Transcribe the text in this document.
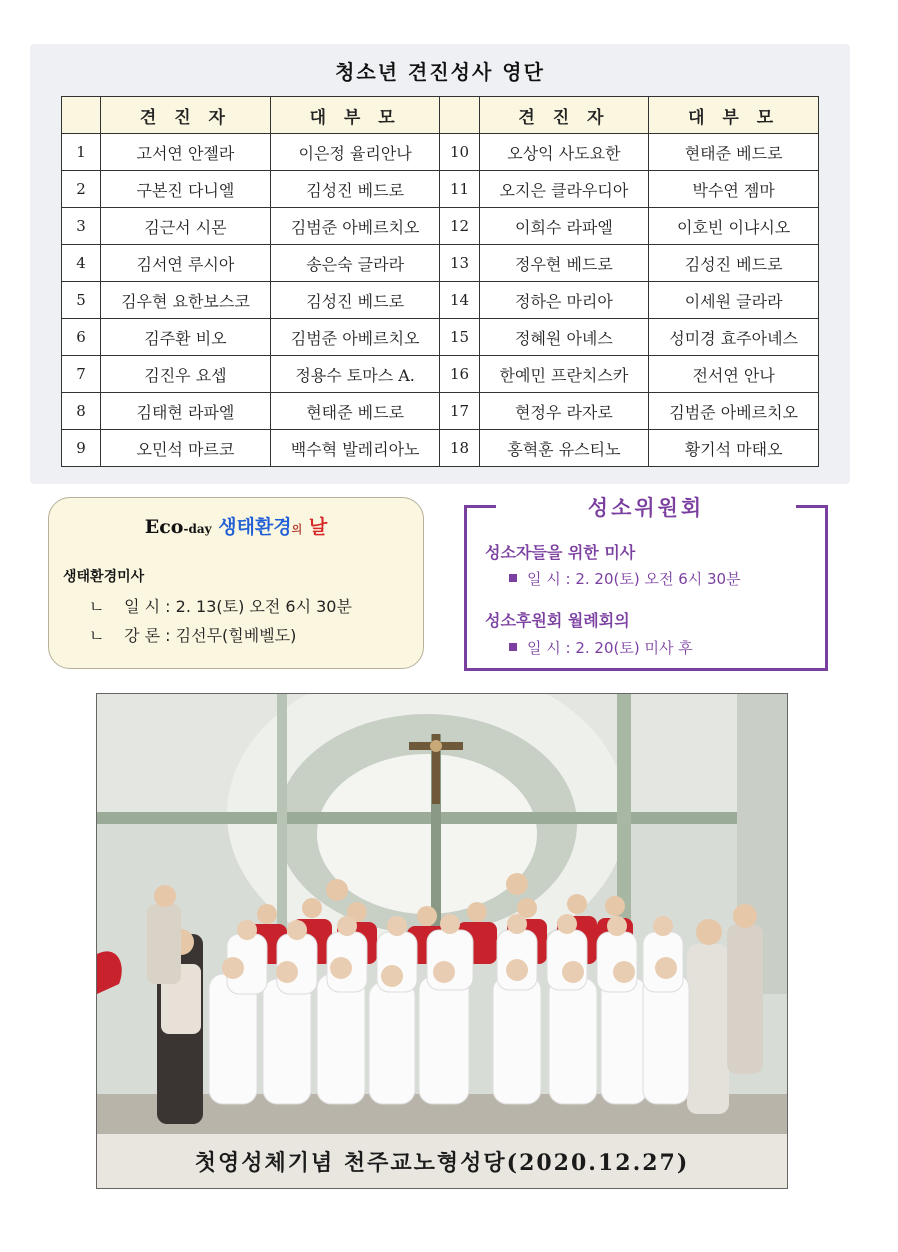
청소년 견진성사 영단
	견 진 자	대 부 모		견 진 자	대 부 모
1	고서연 안젤라	이은정 율리안나	10	오상익 사도요한	현태준 베드로
2	구본진 다니엘	김성진 베드로	11	오지은 클라우디아	박수연 젬마
3	김근서 시몬	김범준 아베르치오	12	이희수 라파엘	이호빈 이냐시오
4	김서연 루시아	송은숙 글라라	13	정우현 베드로	김성진 베드로
5	김우현 요한보스코	김성진 베드로	14	정하은 마리아	이세원 글라라
6	김주환 비오	김범준 아베르치오	15	정혜원 아녜스	성미경 효주아녜스
7	김진우 요셉	정용수 토마스 A.	16	한예민 프란치스카	전서연 안나
8	김태현 라파엘	현태준 베드로	17	현정우 라자로	김범준 아베르치오
9	오민석 마르코	백수혁 발레리아노	18	홍혁훈 유스티노	황기석 마태오
Eco-day 생태환경의 날
생태환경미사
ㄴ 일 시 : 2. 13(토) 오전 6시 30분
ㄴ 강 론 : 김선무(힐베벨도)
성소위원회
성소자들을 위한 미사
일 시 : 2. 20(토) 오전 6시 30분
성소후원회 월례회의
일 시 : 2. 20(토) 미사 후
첫영성체기념 천주교노형성당(2020.12.27)
